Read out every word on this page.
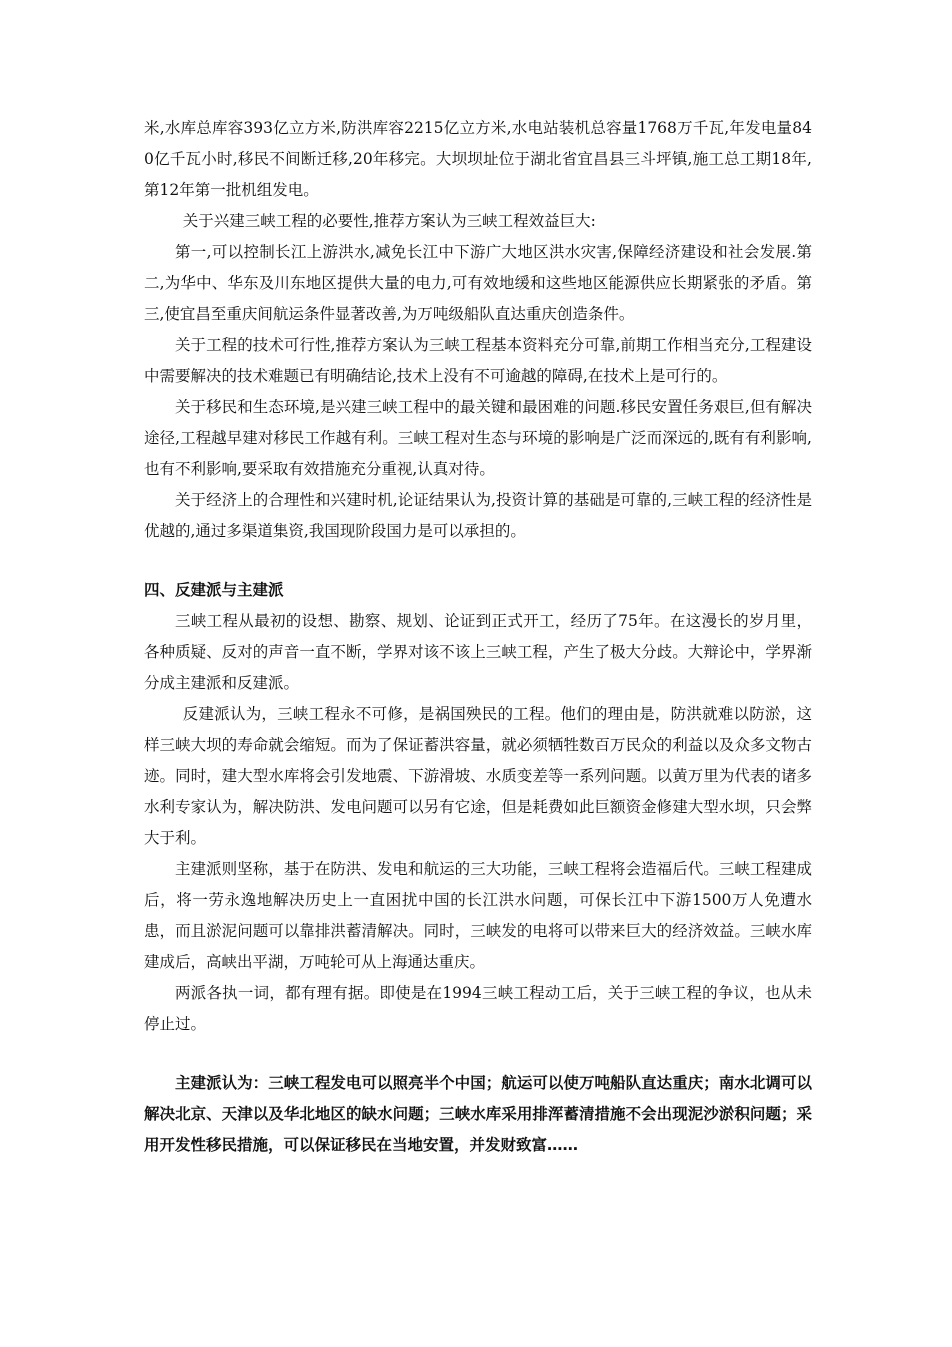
米,水库总库容393亿立方米,防洪库容2215亿立方米,水电站装机总容量1768万千瓦,年发电量840亿千瓦小时,移民不间断迁移,20年移完。大坝坝址位于湖北省宜昌县三斗坪镇,施工总工期18年,第12年第一批机组发电。

关于兴建三峡工程的必要性,推荐方案认为三峡工程效益巨大:

第一,可以控制长江上游洪水,减免长江中下游广大地区洪水灾害,保障经济建设和社会发展.第二,为华中、华东及川东地区提供大量的电力,可有效地缓和这些地区能源供应长期紧张的矛盾。第三,使宜昌至重庆间航运条件显著改善,为万吨级船队直达重庆创造条件。

关于工程的技术可行性,推荐方案认为三峡工程基本资料充分可靠,前期工作相当充分,工程建设中需要解决的技术难题已有明确结论,技术上没有不可逾越的障碍,在技术上是可行的。

关于移民和生态环境,是兴建三峡工程中的最关键和最困难的问题.移民安置任务艰巨,但有解决途径,工程越早建对移民工作越有利。三峡工程对生态与环境的影响是广泛而深远的,既有有利影响,也有不利影响,要采取有效措施充分重视,认真对待。

关于经济上的合理性和兴建时机,论证结果认为,投资计算的基础是可靠的,三峡工程的经济性是优越的,通过多渠道集资,我国现阶段国力是可以承担的。

四、反建派与主建派

三峡工程从最初的设想、勘察、规划、论证到正式开工，经历了75年。在这漫长的岁月里，各种质疑、反对的声音一直不断，学界对该不该上三峡工程，产生了极大分歧。大辩论中，学界渐分成主建派和反建派。

反建派认为，三峡工程永不可修，是祸国殃民的工程。他们的理由是，防洪就难以防淤，这样三峡大坝的寿命就会缩短。而为了保证蓄洪容量，就必须牺牲数百万民众的利益以及众多文物古迹。同时，建大型水库将会引发地震、下游滑坡、水质变差等一系列问题。以黄万里为代表的诸多水利专家认为，解决防洪、发电问题可以另有它途，但是耗费如此巨额资金修建大型水坝，只会弊大于利。

主建派则坚称，基于在防洪、发电和航运的三大功能，三峡工程将会造福后代。三峡工程建成后，将一劳永逸地解决历史上一直困扰中国的长江洪水问题，可保长江中下游1500万人免遭水患，而且淤泥问题可以靠排洪蓄清解决。同时，三峡发的电将可以带来巨大的经济效益。三峡水库建成后，高峡出平湖，万吨轮可从上海通达重庆。

两派各执一词，都有理有据。即使是在1994三峡工程动工后，关于三峡工程的争议，也从未停止过。

主建派认为：三峡工程发电可以照亮半个中国；航运可以使万吨船队直达重庆；南水北调可以解决北京、天津以及华北地区的缺水问题；三峡水库采用排浑蓄清措施不会出现泥沙淤积问题；采用开发性移民措施，可以保证移民在当地安置，并发财致富……
